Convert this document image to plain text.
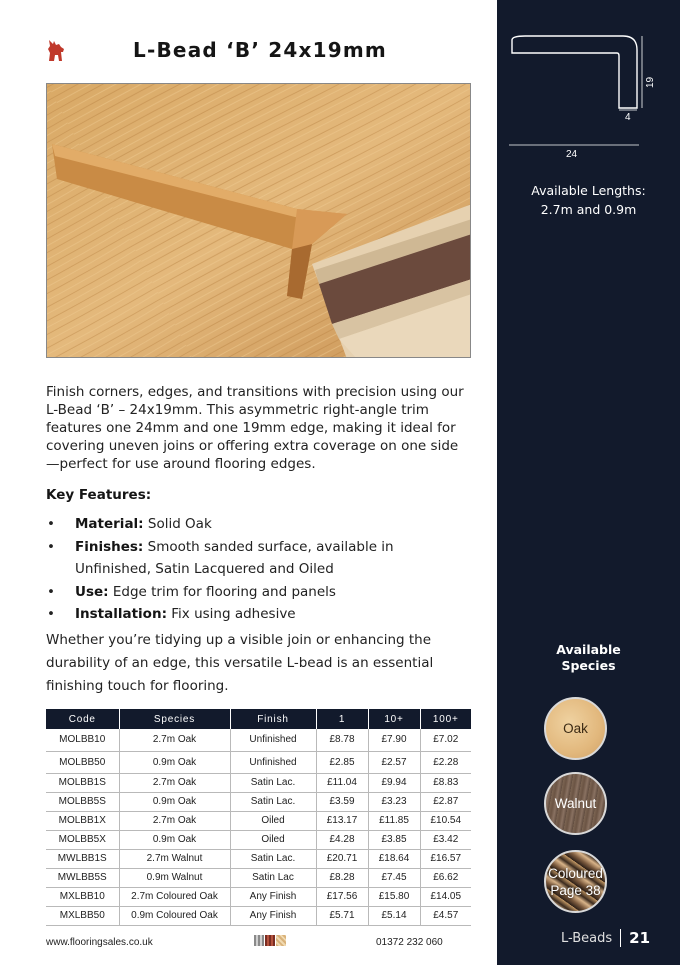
L-Bead ‘B’ 24x19mm

Finish corners, edges, and transitions with precision using our L-Bead ‘B’ – 24x19mm. This asymmetric right-angle trim features one 24mm and one 19mm edge, making it ideal for covering uneven joins or offering extra coverage on one side—perfect for use around flooring edges.

Key Features:
• Material: Solid Oak
• Finishes: Smooth sanded surface, available in Unfinished, Satin Lacquered and Oiled
• Use: Edge trim for flooring and panels
• Installation: Fix using adhesive

Whether you’re tidying up a visible join or enhancing the durability of an edge, this versatile L-bead is an essential finishing touch for flooring.

Code	Species	Finish	1	10+	100+
MOLBB10	2.7m Oak	Unfinished	£8.78	£7.90	£7.02
MOLBB50	0.9m Oak	Unfinished	£2.85	£2.57	£2.28
MOLBB1S	2.7m Oak	Satin Lac.	£11.04	£9.94	£8.83
MOLBB5S	0.9m Oak	Satin Lac.	£3.59	£3.23	£2.87
MOLBB1X	2.7m Oak	Oiled	£13.17	£11.85	£10.54
MOLBB5X	0.9m Oak	Oiled	£4.28	£3.85	£3.42
MWLBB1S	2.7m Walnut	Satin Lac.	£20.71	£18.64	£16.57
MWLBB5S	0.9m Walnut	Satin Lac	£8.28	£7.45	£6.62
MXLBB10	2.7m Coloured Oak	Any Finish	£17.56	£15.80	£14.05
MXLBB50	0.9m Coloured Oak	Any Finish	£5.71	£5.14	£4.57
www.flooringsales.co.uk	01372 232 060
19
4
24
Available Lengths:
2.7m and 0.9m
Available
Species
Oak
Walnut
Coloured
Page 38
L-Beads 21
